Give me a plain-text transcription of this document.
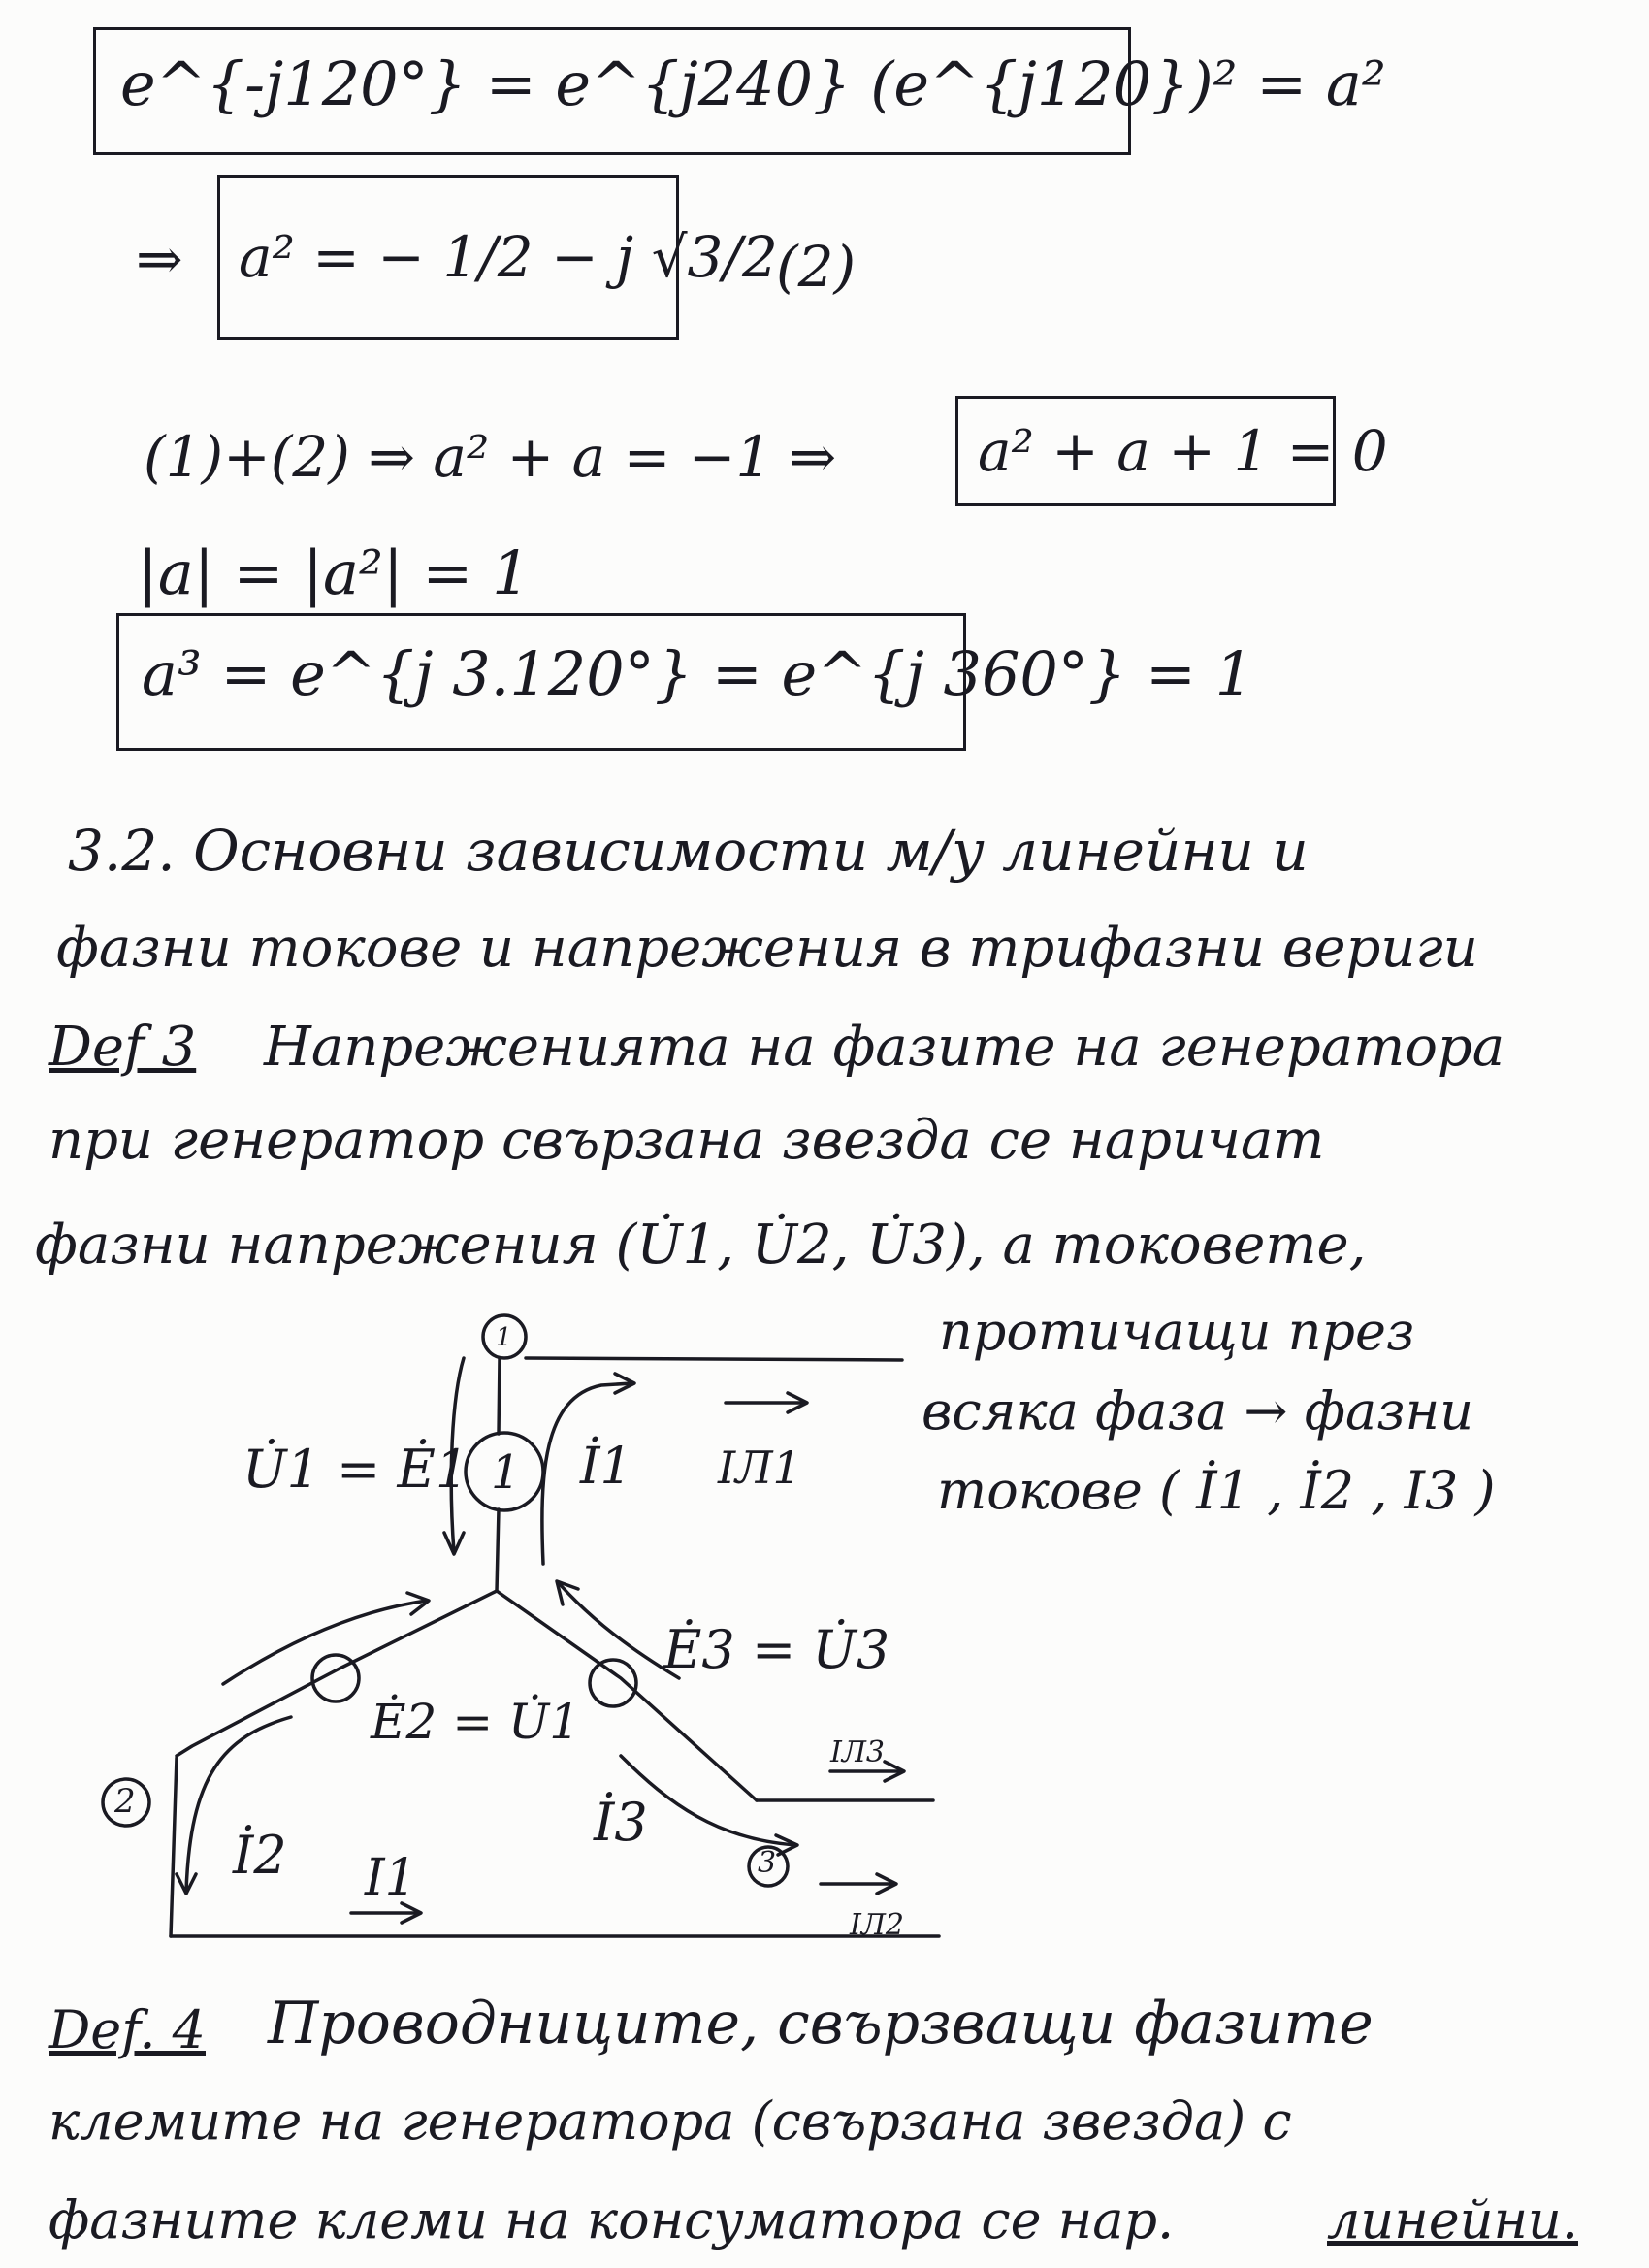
e^{-j120°} = e^{j240} (e^{j120})² = a²
⇒ a² = − 1/2 − j √3/2
(2)
(1)+(2) ⇒ a² + a = −1 ⇒	a² + a + 1 = 0
|a| = |a²| = 1
a³ = e^{j 3.120°} = e^{j 360°} = 1
3.2. Основни зависимости м/у линейни и
фазни токове и напрежения в трифазни вериги
Def 3 Напреженията на фазите на генератора
при генератор свързана звезда се наричат
фазни напрежения (U̇1, U̇2, U̇3), а токовете,
протичащи през
всяка фаза → фазни
токове ( İ1 , İ2 , I3 )
1
1
U̇1 = Ė1 İ1 IЛ1
Ė3 = U̇3
Ė2 = U̇1
2
IЛ3
İ2 I1
İ3
3
IЛ2
Def. 4 Проводниците, свързващи фазите
клемите на генератора (свързана звезда) с
фазните клеми на консуматора се нар.	линейни.
